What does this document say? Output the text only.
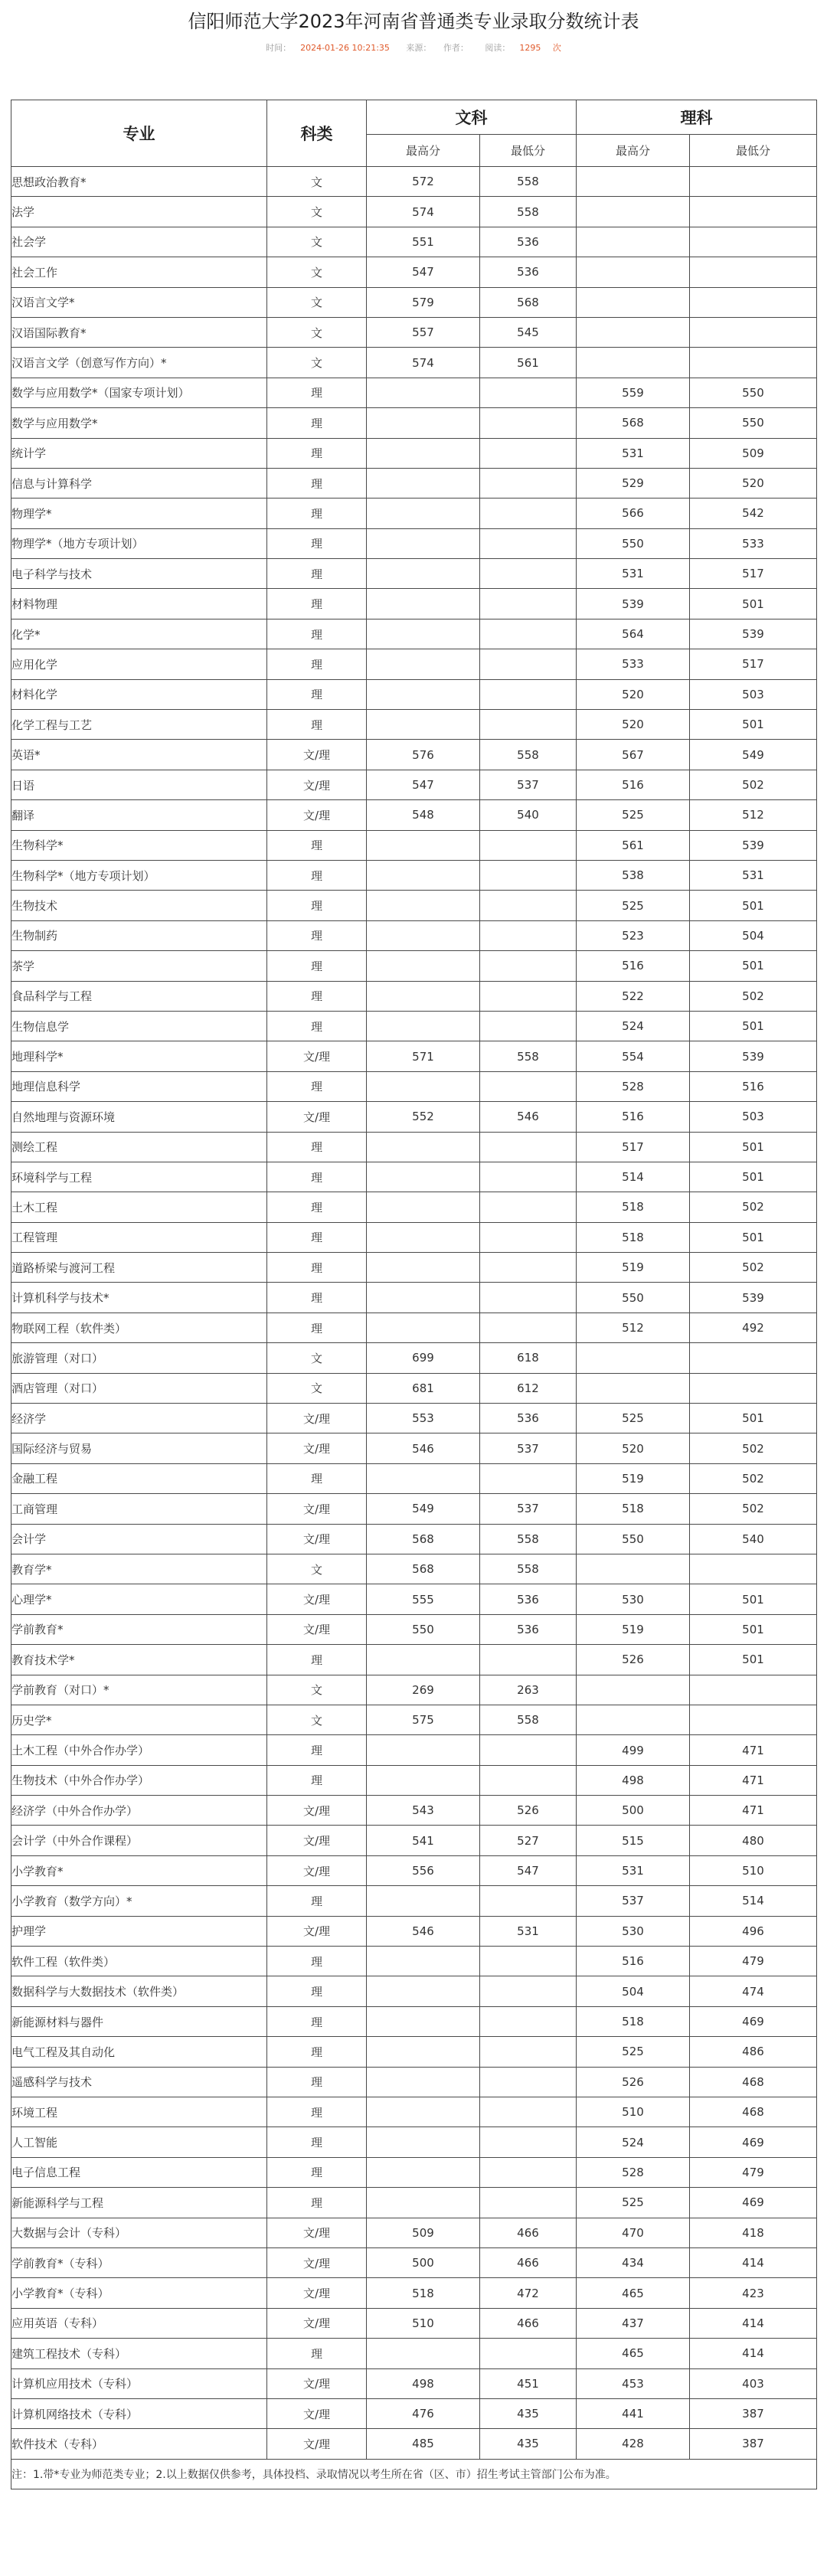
信阳师范大学2023年河南省普通类专业录取分数统计表
时间： 2024-01-26 10:21:35 来源： 作者： 阅读： 1295 次
专业	科类	文科		理科	
		最高分	最低分	最高分	最低分
思想政治教育*	文	572	558		
法学	文	574	558		
社会学	文	551	536		
社会工作	文	547	536		
汉语言文学*	文	579	568		
汉语国际教育*	文	557	545		
汉语言文学（创意写作方向）*	文	574	561		
数学与应用数学*（国家专项计划）	理			559	550
数学与应用数学*	理			568	550
统计学	理			531	509
信息与计算科学	理			529	520
物理学*	理			566	542
物理学*（地方专项计划）	理			550	533
电子科学与技术	理			531	517
材料物理	理			539	501
化学*	理			564	539
应用化学	理			533	517
材料化学	理			520	503
化学工程与工艺	理			520	501
英语*	文/理	576	558	567	549
日语	文/理	547	537	516	502
翻译	文/理	548	540	525	512
生物科学*	理			561	539
生物科学*（地方专项计划）	理			538	531
生物技术	理			525	501
生物制药	理			523	504
茶学	理			516	501
食品科学与工程	理			522	502
生物信息学	理			524	501
地理科学*	文/理	571	558	554	539
地理信息科学	理			528	516
自然地理与资源环境	文/理	552	546	516	503
测绘工程	理			517	501
环境科学与工程	理			514	501
土木工程	理			518	502
工程管理	理			518	501
道路桥梁与渡河工程	理			519	502
计算机科学与技术*	理			550	539
物联网工程（软件类）	理			512	492
旅游管理（对口）	文	699	618		
酒店管理（对口）	文	681	612		
经济学	文/理	553	536	525	501
国际经济与贸易	文/理	546	537	520	502
金融工程	理			519	502
工商管理	文/理	549	537	518	502
会计学	文/理	568	558	550	540
教育学*	文	568	558		
心理学*	文/理	555	536	530	501
学前教育*	文/理	550	536	519	501
教育技术学*	理			526	501
学前教育（对口）*	文	269	263		
历史学*	文	575	558		
土木工程（中外合作办学）	理			499	471
生物技术（中外合作办学）	理			498	471
经济学（中外合作办学）	文/理	543	526	500	471
会计学（中外合作课程）	文/理	541	527	515	480
小学教育*	文/理	556	547	531	510
小学教育（数学方向）*	理			537	514
护理学	文/理	546	531	530	496
软件工程（软件类）	理			516	479
数据科学与大数据技术（软件类）	理			504	474
新能源材料与器件	理			518	469
电气工程及其自动化	理			525	486
遥感科学与技术	理			526	468
环境工程	理			510	468
人工智能	理			524	469
电子信息工程	理			528	479
新能源科学与工程	理			525	469
大数据与会计（专科）	文/理	509	466	470	418
学前教育*（专科）	文/理	500	466	434	414
小学教育*（专科）	文/理	518	472	465	423
应用英语（专科）	文/理	510	466	437	414
建筑工程技术（专科）	理			465	414
计算机应用技术（专科）	文/理	498	451	453	403
计算机网络技术（专科）	文/理	476	435	441	387
软件技术（专科）	文/理	485	435	428	387
注：1.带*专业为师范类专业；2.以上数据仅供参考，具体投档、录取情况以考生所在省（区、市）招生考试主管部门公布为准。					
